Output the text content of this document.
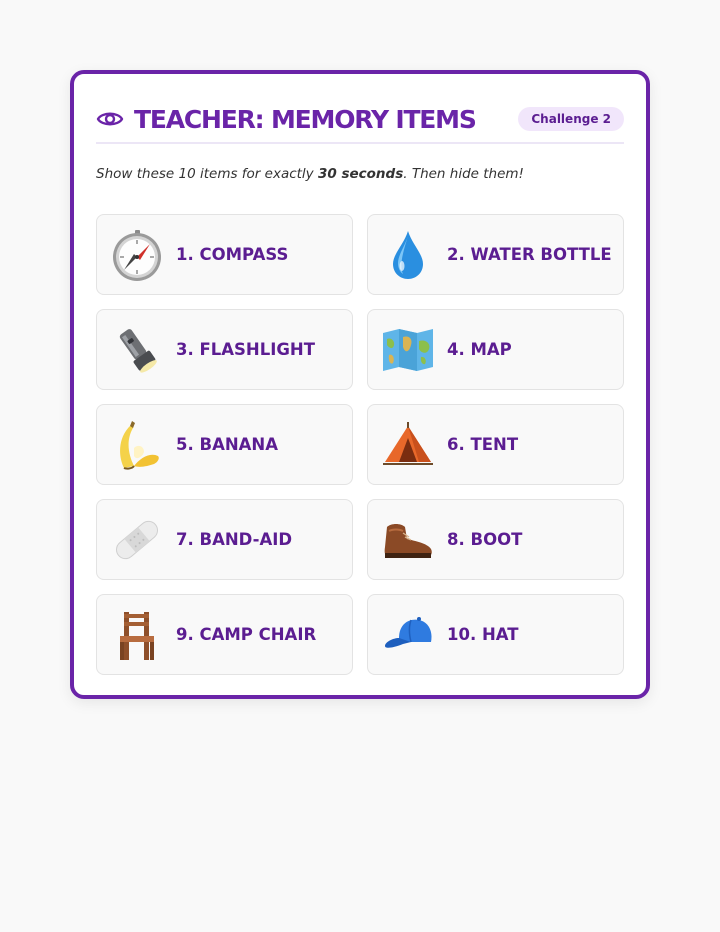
TEACHER: MEMORY ITEMS	Challenge 2
Show these 10 items for exactly 30 seconds. Then hide them!
1. COMPASS	2. WATER BOTTLE
3. FLASHLIGHT	4. MAP
5. BANANA	6. TENT
7. BAND-AID	8. BOOT
9. CAMP CHAIR	10. HAT
